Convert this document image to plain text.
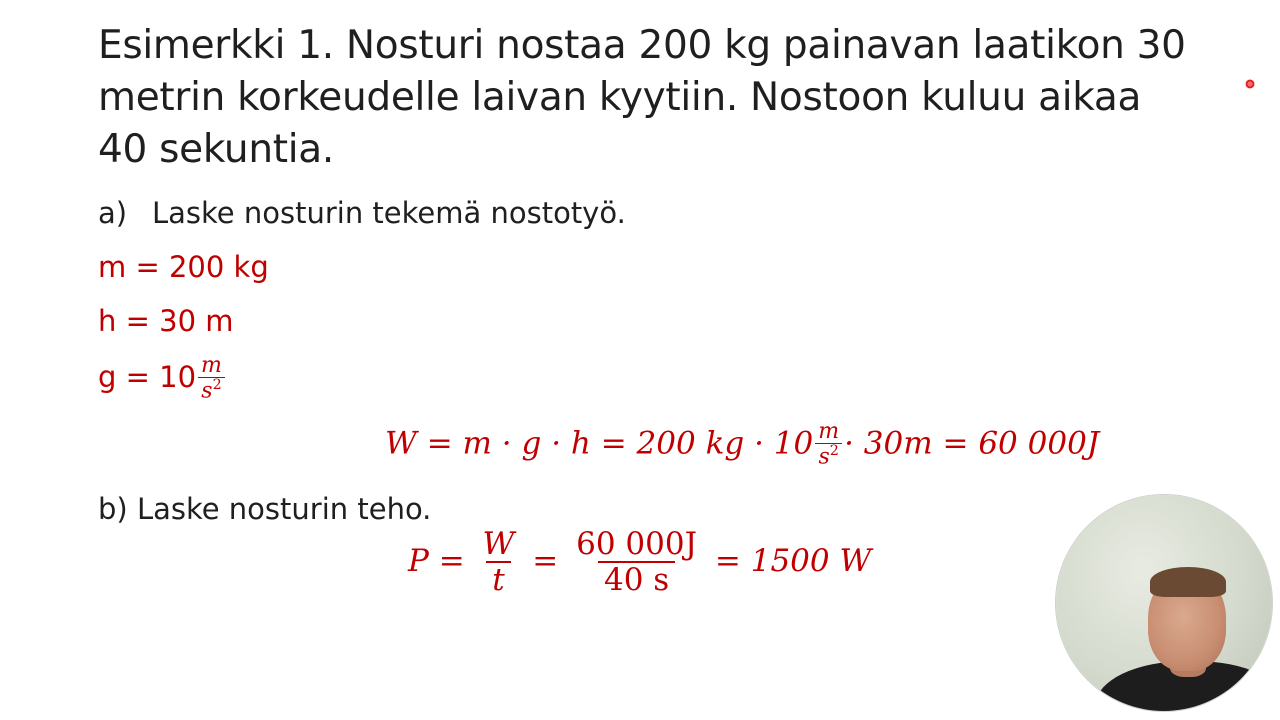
Esimerkki 1. Nosturi nostaa 200 kg painavan laatikon 30
metrin korkeudelle laivan kyytiin. Nostoon kuluu aikaa
40 sekuntia.
a) Laske nosturin tekemä nostotyö.
m = 200 kg
h = 30 m
$g = 10 \frac{m}{s^2}$
W = m · g · h = 200 kg · $10 \frac{m}{s^2} \cdot 30m = 60$ 000J
b) Laske nosturin teho.
$P = \frac{W}{t} = \frac{60 000J}{40 s} = 1500$ W
